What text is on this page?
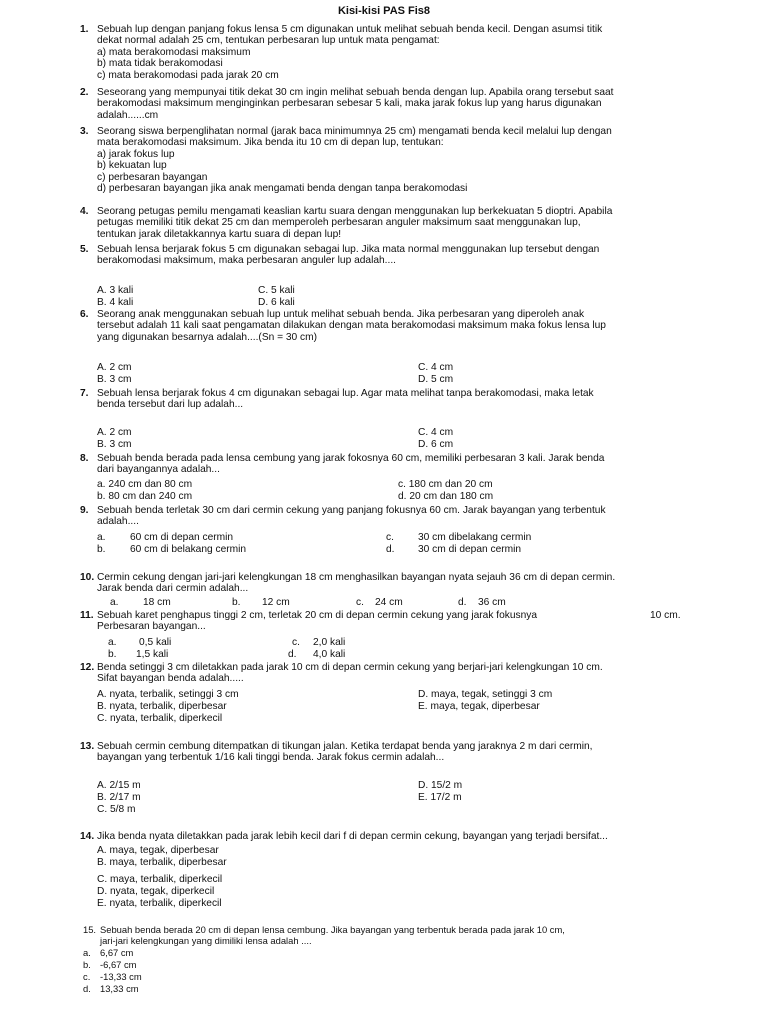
Kisi-kisi PAS Fis8
1. Sebuah lup dengan panjang fokus lensa 5 cm digunakan untuk melihat sebuah benda kecil. Dengan asumsi titik
dekat normal adalah 25 cm, tentukan perbesaran lup untuk mata pengamat:
a) mata berakomodasi maksimum
b) mata tidak berakomodasi
c) mata berakomodasi pada jarak 20 cm
2. Seseorang yang mempunyai titik dekat 30 cm ingin melihat sebuah benda dengan lup. Apabila orang tersebut saat
berakomodasi maksimum menginginkan perbesaran sebesar 5 kali, maka jarak fokus lup yang harus digunakan
adalah......cm
3. Seorang siswa berpenglihatan normal (jarak baca minimumnya 25 cm) mengamati benda kecil melalui lup dengan
mata berakomodasi maksimum. Jika benda itu 10 cm di depan lup, tentukan:
a) jarak fokus lup
b) kekuatan lup
c) perbesaran bayangan
d) perbesaran bayangan jika anak mengamati benda dengan tanpa berakomodasi
4. Seorang petugas pemilu mengamati keaslian kartu suara dengan menggunakan lup berkekuatan 5 dioptri. Apabila
petugas memiliki titik dekat 25 cm dan memperoleh perbesaran anguler maksimum saat menggunakan lup,
tentukan jarak diletakkannya kartu suara di depan lup!
5. Sebuah lensa berjarak fokus 5 cm digunakan sebagai lup. Jika mata normal menggunakan lup tersebut dengan
berakomodasi maksimum, maka perbesaran anguler lup adalah....
A. 3 kali	C. 5 kali
B. 4 kali	D. 6 kali
6. Seorang anak menggunakan sebuah lup untuk melihat sebuah benda. Jika perbesaran yang diperoleh anak
tersebut adalah 11 kali saat pengamatan dilakukan dengan mata berakomodasi maksimum maka fokus lensa lup
yang digunakan besarnya adalah....(Sn = 30 cm)
A. 2 cm	C. 4 cm
B. 3 cm	D. 5 cm
7. Sebuah lensa berjarak fokus 4 cm digunakan sebagai lup. Agar mata melihat tanpa berakomodasi, maka letak
benda tersebut dari lup adalah...
A. 2 cm	C. 4 cm
B. 3 cm	D. 6 cm
8. Sebuah benda berada pada lensa cembung yang jarak fokosnya 60 cm, memiliki perbesaran 3 kali. Jarak benda
dari bayangannya adalah...
a. 240 cm dan 80 cm	c. 180 cm dan 20 cm
b. 80 cm dan 240 cm	d. 20 cm dan 180 cm
9. Sebuah benda terletak 30 cm dari cermin cekung yang panjang fokusnya 60 cm. Jarak bayangan yang terbentuk
adalah....
a. 60 cm di depan cermin	c. 30 cm dibelakang cermin
b. 60 cm di belakang cermin	d. 30 cm di depan cermin
10. Cermin cekung dengan jari-jari kelengkungan 18 cm menghasilkan bayangan nyata sejauh 36 cm di depan cermin.
Jarak benda dari cermin adalah...
a. 18 cm	b. 12 cm	c. 24 cm	d. 36 cm
11. Sebuah karet penghapus tinggi 2 cm, terletak 20 cm di depan cermin cekung yang jarak fokusnya
Perbesaran bayangan...
10 cm.
a. 0,5 kali	c. 2,0 kali
b. 1,5 kali	d. 4,0 kali
12. Benda setinggi 3 cm diletakkan pada jarak 10 cm di depan cermin cekung yang berjari-jari kelengkungan 10 cm.
Sifat bayangan benda adalah.....
A. nyata, terbalik, setinggi 3 cm	D. maya, tegak, setinggi 3 cm
B. nyata, terbalik, diperbesar	E. maya, tegak, diperbesar
C. nyata, terbalik, diperkecil
13. Sebuah cermin cembung ditempatkan di tikungan jalan. Ketika terdapat benda yang jaraknya 2 m dari cermin,
bayangan yang terbentuk 1/16 kali tinggi benda. Jarak fokus cermin adalah...
A. 2/15 m	D. 15/2 m
B. 2/17 m	E. 17/2 m
C. 5/8 m
14. Jika benda nyata diletakkan pada jarak lebih kecil dari f di depan cermin cekung, bayangan yang terjadi bersifat...
A. maya, tegak, diperbesar
B. maya, terbalik, diperbesar
C. maya, terbalik, diperkecil
D. nyata, tegak, diperkecil
E. nyata, terbalik, diperkecil
15. Sebuah benda berada 20 cm di depan lensa cembung. Jika bayangan yang terbentuk berada pada jarak 10 cm,
jari-jari kelengkungan yang dimiliki lensa adalah ....
a. 6,67 cm
b. -6,67 cm
c. -13,33 cm
d. 13,33 cm
